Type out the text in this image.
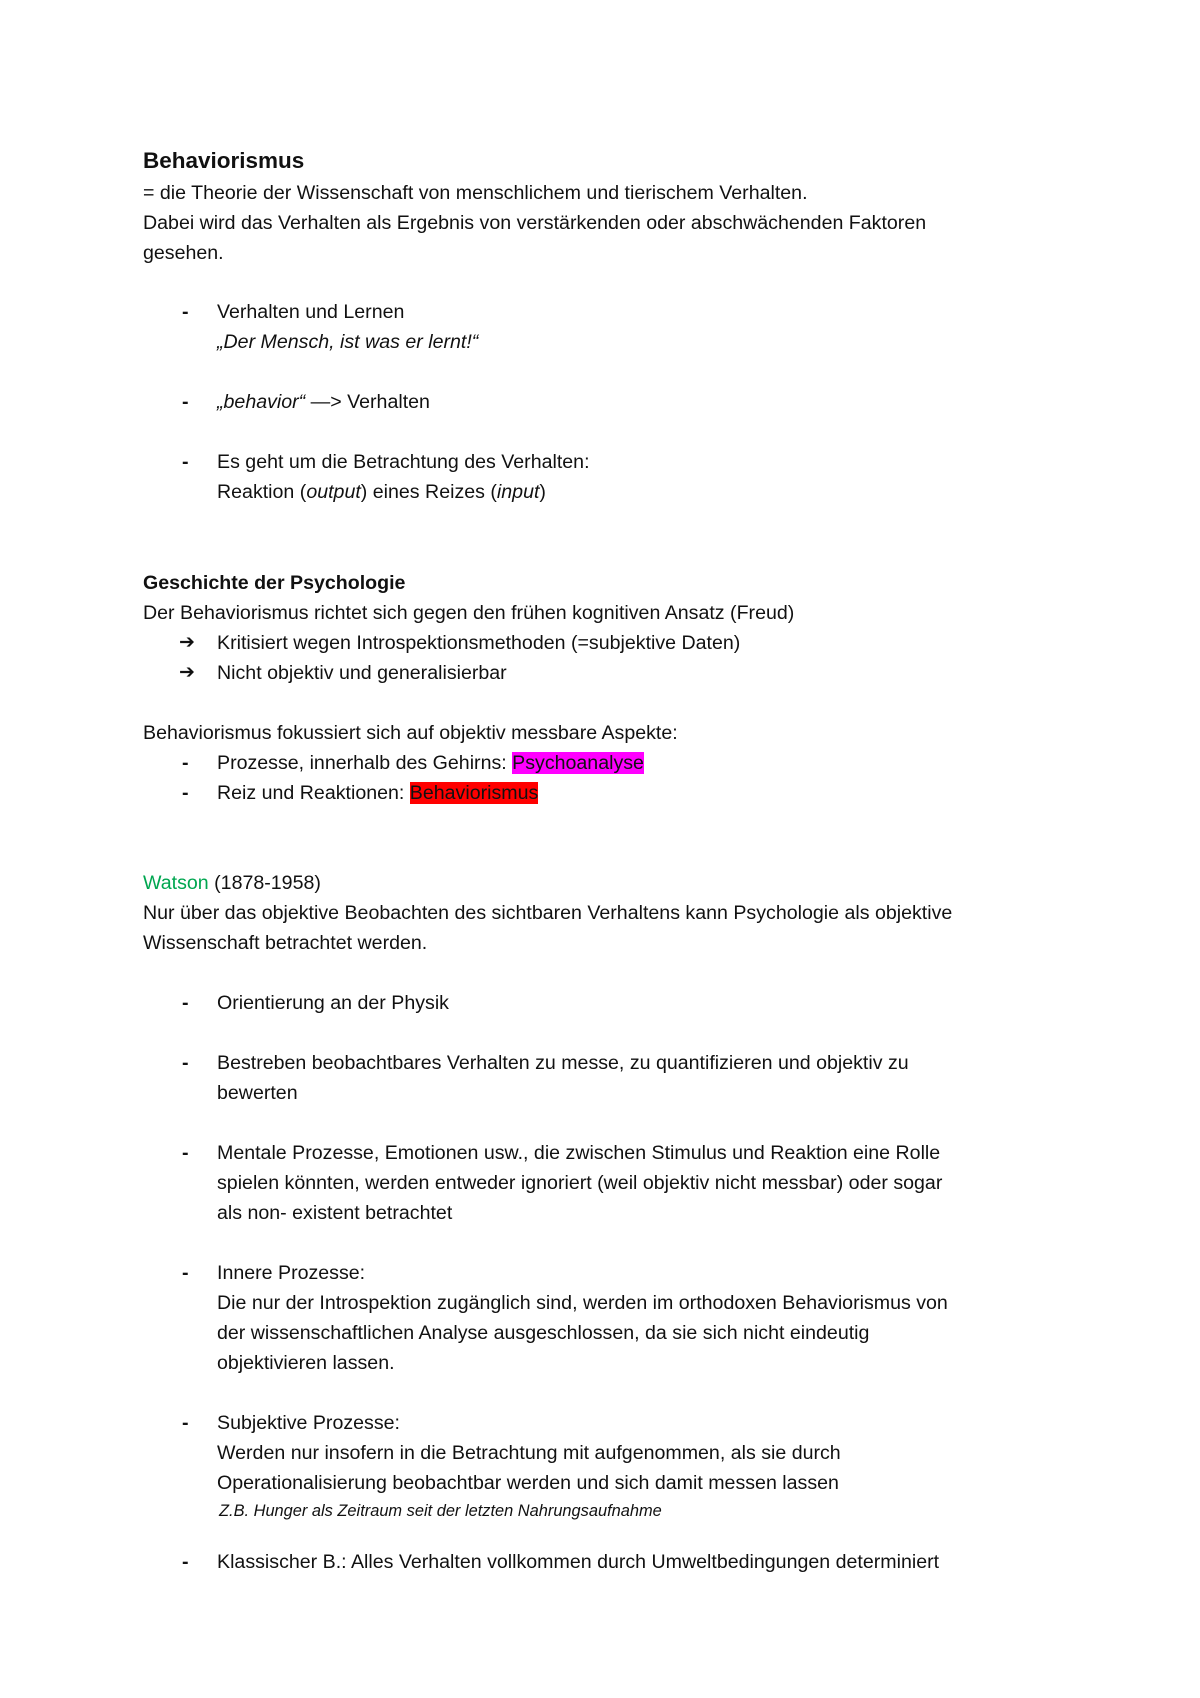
Behaviorismus
= die Theorie der Wissenschaft von menschlichem und tierischem Verhalten.
Dabei wird das Verhalten als Ergebnis von verstärkenden oder abschwächenden Faktoren
gesehen.
- Verhalten und Lernen
„Der Mensch, ist was er lernt!“
- „behavior“ —> Verhalten
- Es geht um die Betrachtung des Verhalten:
Reaktion (output) eines Reizes (input)
Geschichte der Psychologie
Der Behaviorismus richtet sich gegen den frühen kognitiven Ansatz (Freud)
➔ Kritisiert wegen Introspektionsmethoden (=subjektive Daten)
➔ Nicht objektiv und generalisierbar
Behaviorismus fokussiert sich auf objektiv messbare Aspekte:
- Prozesse, innerhalb des Gehirns: Psychoanalyse
- Reiz und Reaktionen: Behaviorismus
Watson (1878-1958)
Nur über das objektive Beobachten des sichtbaren Verhaltens kann Psychologie als objektive
Wissenschaft betrachtet werden.
- Orientierung an der Physik
- Bestreben beobachtbares Verhalten zu messe, zu quantifizieren und objektiv zu
bewerten
- Mentale Prozesse, Emotionen usw., die zwischen Stimulus und Reaktion eine Rolle
spielen könnten, werden entweder ignoriert (weil objektiv nicht messbar) oder sogar
als non- existent betrachtet
- Innere Prozesse:
Die nur der Introspektion zugänglich sind, werden im orthodoxen Behaviorismus von
der wissenschaftlichen Analyse ausgeschlossen, da sie sich nicht eindeutig
objektivieren lassen.
- Subjektive Prozesse:
Werden nur insofern in die Betrachtung mit aufgenommen, als sie durch
Operationalisierung beobachtbar werden und sich damit messen lassen
Z.B. Hunger als Zeitraum seit der letzten Nahrungsaufnahme
- Klassischer B.: Alles Verhalten vollkommen durch Umweltbedingungen determiniert
